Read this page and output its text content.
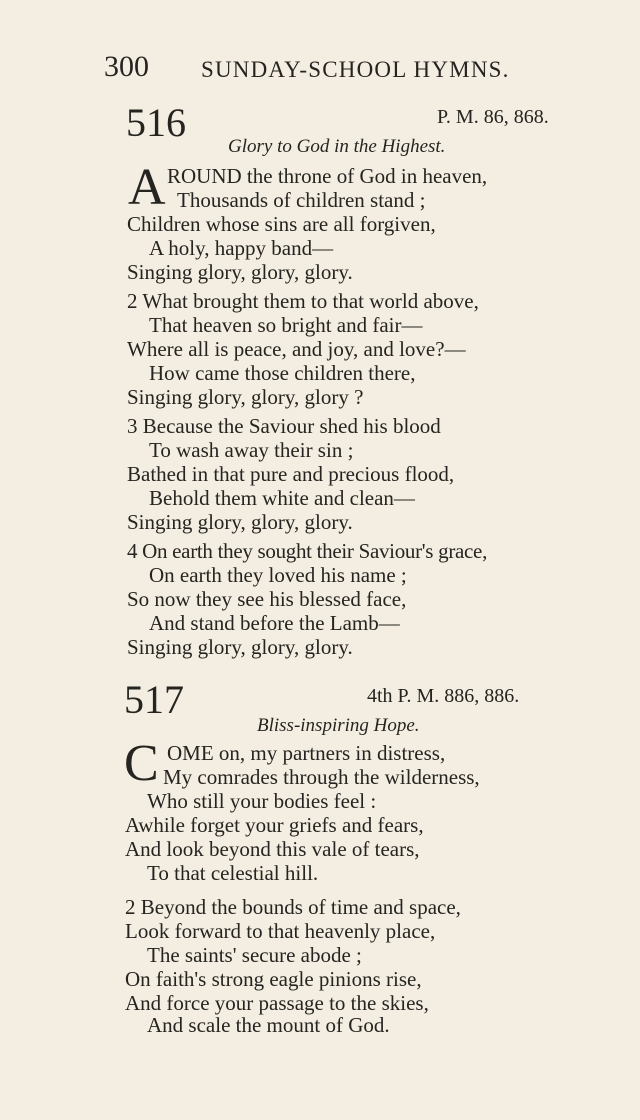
300 SUNDAY-SCHOOL HYMNS.
516	P. M. 86, 868.
Glory to God in the Highest.
A ROUND the throne of God in heaven,
Thousands of children stand ;
Children whose sins are all forgiven,
A holy, happy band—
Singing glory, glory, glory.
2 What brought them to that world above,
That heaven so bright and fair—
Where all is peace, and joy, and love?—
How came those children there,
Singing glory, glory, glory ?
3 Because the Saviour shed his blood
To wash away their sin ;
Bathed in that pure and precious flood,
Behold them white and clean—
Singing glory, glory, glory.
4 On earth they sought their Saviour's grace,
On earth they loved his name ;
So now they see his blessed face,
And stand before the Lamb—
Singing glory, glory, glory.
517	4th P. M. 886, 886.
Bliss-inspiring Hope.
C OME on, my partners in distress,
My comrades through the wilderness,
Who still your bodies feel :
Awhile forget your griefs and fears,
And look beyond this vale of tears,
To that celestial hill.
2 Beyond the bounds of time and space,
Look forward to that heavenly place,
The saints' secure abode ;
On faith's strong eagle pinions rise,
And force your passage to the skies,
And scale the mount of God.
